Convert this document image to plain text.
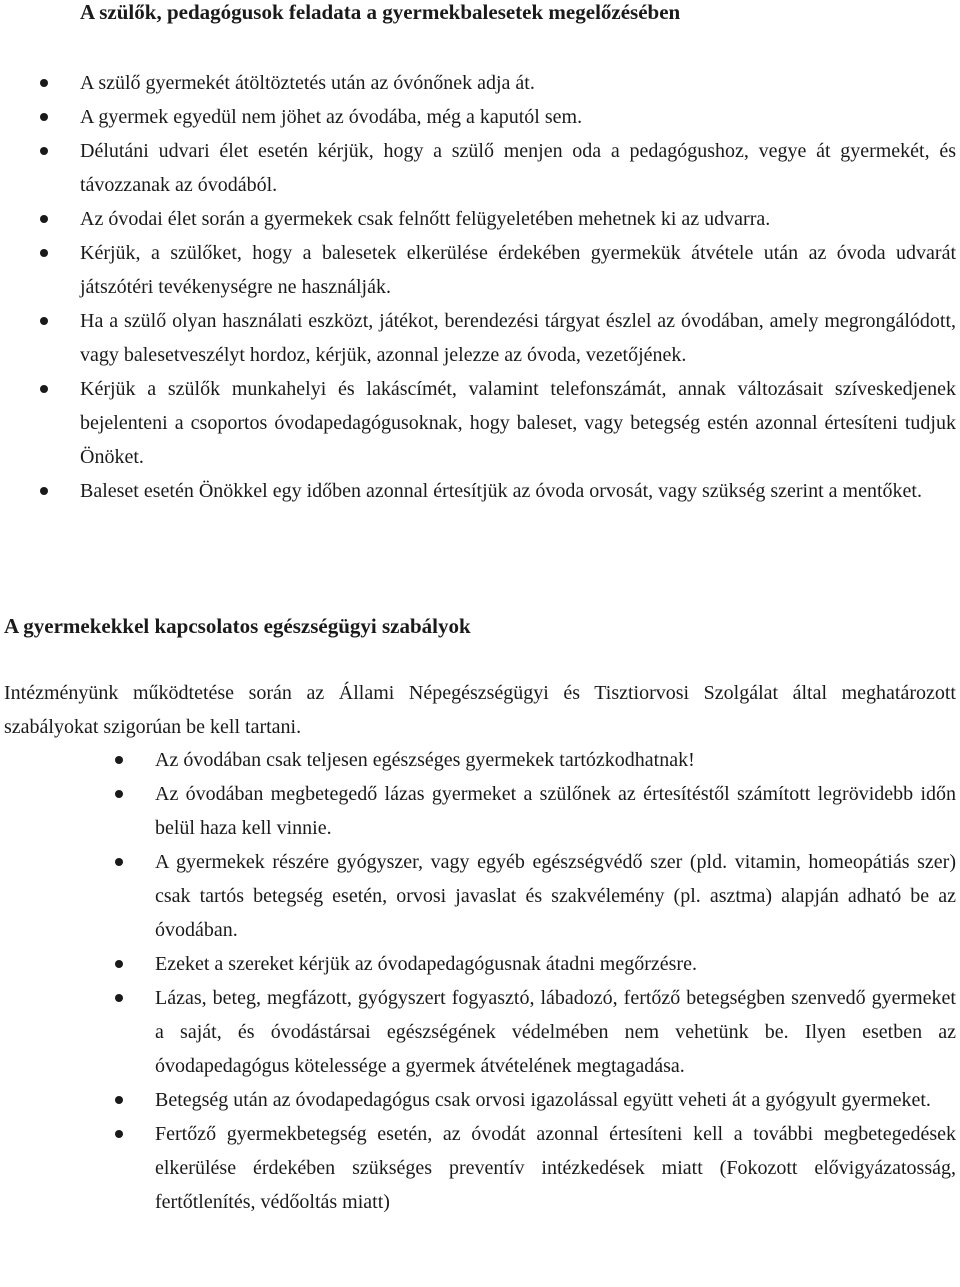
A szülők, pedagógusok feladata a gyermekbalesetek megelőzésében
A szülő gyermekét átöltöztetés után az óvónőnek adja át.
A gyermek egyedül nem jöhet az óvodába, még a kaputól sem.
Délutáni udvari élet esetén kérjük, hogy a szülő menjen oda a pedagógushoz, vegye át gyermekét, és távozzanak az óvodából.
Az óvodai élet során a gyermekek csak felnőtt felügyeletében mehetnek ki az udvarra.
Kérjük, a szülőket, hogy a balesetek elkerülése érdekében gyermekük átvétele után az óvoda udvarát játszótéri tevékenységre ne használják.
Ha a szülő olyan használati eszközt, játékot, berendezési tárgyat észlel az óvodában, amely megrongálódott, vagy balesetveszélyt hordoz, kérjük, azonnal jelezze az óvoda, vezetőjének.
Kérjük a szülők munkahelyi és lakáscímét, valamint telefonszámát, annak változásait szíveskedjenek bejelenteni a csoportos óvodapedagógusoknak, hogy baleset, vagy betegség estén azonnal értesíteni tudjuk Önöket.
Baleset esetén Önökkel egy időben azonnal értesítjük az óvoda orvosát, vagy szükség szerint a mentőket.
A gyermekekkel kapcsolatos egészségügyi szabályok

Intézményünk működtetése során az Állami Népegészségügyi és Tisztiorvosi Szolgálat által meghatározott szabályokat szigorúan be kell tartani.

Az óvodában csak teljesen egészséges gyermekek tartózkodhatnak!
Az óvodában megbetegedő lázas gyermeket a szülőnek az értesítéstől számított legrövidebb időn belül haza kell vinnie.
A gyermekek részére gyógyszer, vagy egyéb egészségvédő szer (pld. vitamin, homeopátiás szer) csak tartós betegség esetén, orvosi javaslat és szakvélemény (pl. asztma) alapján adható be az óvodában.
Ezeket a szereket kérjük az óvodapedagógusnak átadni megőrzésre.
Lázas, beteg, megfázott, gyógyszert fogyasztó, lábadozó, fertőző betegségben szenvedő gyermeket a saját, és óvodástársai egészségének védelmében nem vehetünk be. Ilyen esetben az óvodapedagógus kötelessége a gyermek átvételének megtagadása.
Betegség után az óvodapedagógus csak orvosi igazolással együtt veheti át a gyógyult gyermeket.
Fertőző gyermekbetegség esetén, az óvodát azonnal értesíteni kell a további megbetegedések elkerülése érdekében szükséges preventív intézkedések miatt (Fokozott elővigyázatosság, fertőtlenítés, védőoltás miatt)
